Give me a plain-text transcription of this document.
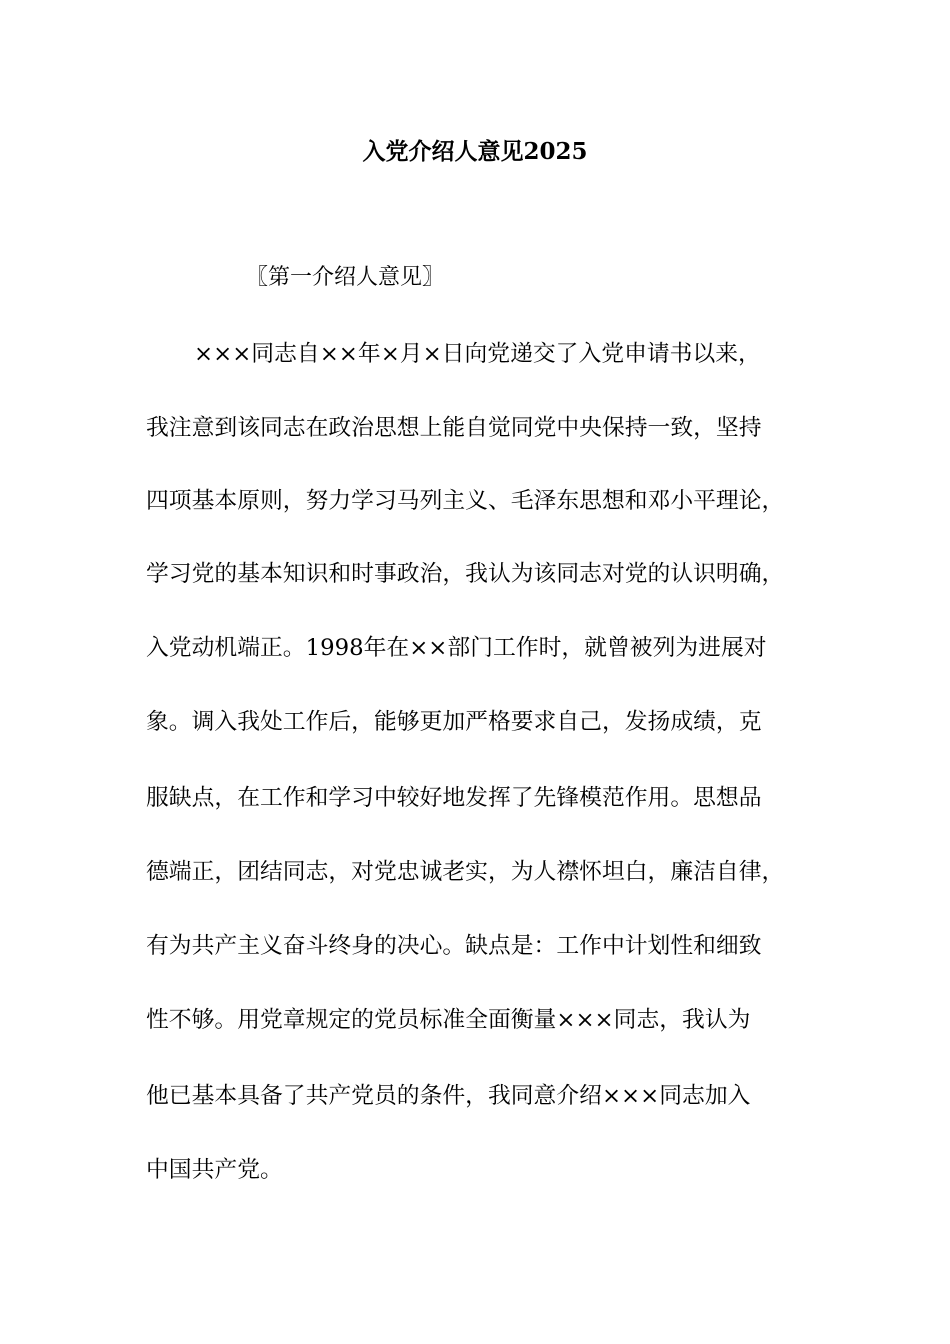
入党介绍人意见2025
〖第一介绍人意见〗
×××同志自××年×月×日向党递交了入党申请书以来，
我注意到该同志在政治思想上能自觉同党中央保持一致，坚持
四项基本原则，努力学习马列主义、毛泽东思想和邓小平理论，
学习党的基本知识和时事政治，我认为该同志对党的认识明确，
入党动机端正。1998年在××部门工作时，就曾被列为进展对
象。调入我处工作后，能够更加严格要求自己，发扬成绩，克
服缺点，在工作和学习中较好地发挥了先锋模范作用。思想品
德端正，团结同志，对党忠诚老实，为人襟怀坦白，廉洁自律，
有为共产主义奋斗终身的决心。缺点是：工作中计划性和细致
性不够。用党章规定的党员标准全面衡量×××同志，我认为
他已基本具备了共产党员的条件，我同意介绍×××同志加入
中国共产党。
